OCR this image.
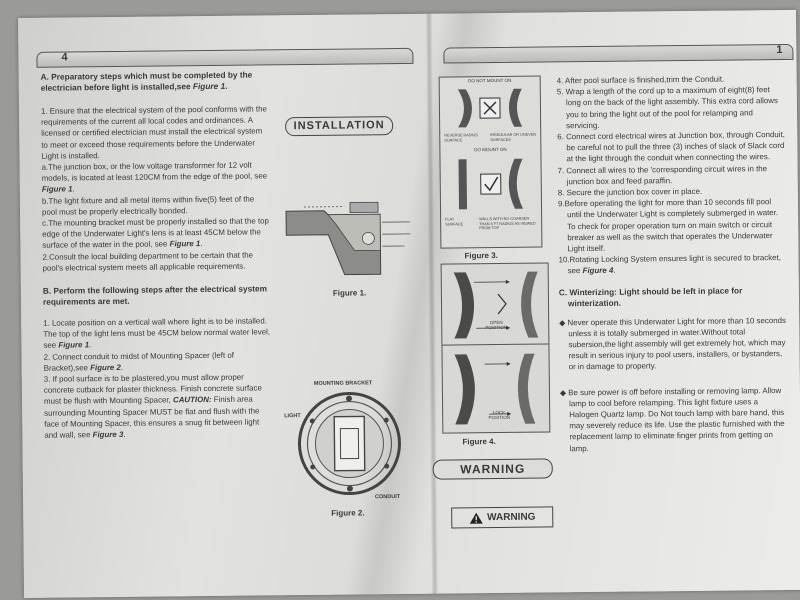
4
1

A. Preparatory steps which must be completed by the electrician before light is installed,see Figure 1.

1. Ensure that the electrical system of the pool conforms with the requirements of the current all local codes and ordinances. A licensed or certified electrician must install the electrical system to meet or exceed those requirements before the Underwater Light is installed.

a.The junction box, or the low voltage transformer for 12 volt models, is located at least 120CM from the edge of the pool, see Figure 1.

b.The light fixture and all metal items within five(5) feet of the pool must be properly electrically bonded.

c.The mounting bracket must be properly installed so that the top edge of the Underwater Light's lens is at least 45CM below the surface of the water in the pool, see Figure 1.

2.Consult the local building department to be certain that the pool's electrical system meets all applicable requirements.

B. Perform the following steps after the electrical system requirements are met.

1. Locate position on a vertical wall where light is to be installed. The top of the light lens must be 45CM below normal water level, see Figure 1.

2. Connect conduit to midst of Mounting Spacer (left of Bracket),see Figure 2.

3. If pool surface is to be plastered,you must allow proper concrete cutback for plaster thickness. Finish concrete surface must be flush with Mounting Spacer, CAUTION: Finish area surrounding Mounting Spacer MUST be flat and flush with the face of Mounting Spacer, this ensures a snug fit between light and wall, see Figure 3.

INSTALLATION
Figure 1.
MOUNTING BRACKET
LIGHT
CONDUIT
Figure 2.
DO NOT MOUNT ON
REVERSE RADIUS SURFACE
IRREGULAR OR UNEVEN SURFACES
DO MOUNT ON
FLAT SURFACE
WALLS WITH NO COARSER THAN 6 FT RADIUS AS VIEWED FROM TOP
Figure 3.
OPEN POSITION
LOCK POSITION
Figure 4.
WARNING
WARNING

4. After pool surface is finished,trim the Conduit.

5. Wrap a length of the cord up to a maximum of eight(8) feet long on the back of the light assembly. This extra cord allows you to bring the light out of the pool for relamping and servicing.

6. Connect cord electrical wires at Junction box, through Conduit, be careful not to pull the three (3) inches of slack of Slack cord at the light through the conduit when connecting the wires.

7. Connect all wires to the 'corresponding circuit wires in the junction box and feed paraffin.

8. Secure the junction box cover in place.

9.Before operating the light for more than 10 seconds fill pool until the Underwater Light is completely submerged in water. To check for proper operation turn on main switch or circuit breaker as well as the switch that operates the Underwater Light itself.

10.Rotating Locking System ensures light is secured to bracket, see Figure 4.

C. Winterizing: Light should be left in place for winterization.

◆ Never operate this Underwater Light for more than 10 seconds unless it is totally submerged in water.Without total subersion,the light assembly will get extremely hot, which may result in serious injury to pool users, installers, or bystanders, or in damage to property.

◆ Be sure power is off before installing or removing lamp. Allow lamp to cool before relamping. This light fixture uses a Halogen Quartz lamp. Do Not touch lamp with bare hand, this may severely reduce its life. Use the plastic furnished with the replacement lamp to eliminate finger prints from getting on lamp.
